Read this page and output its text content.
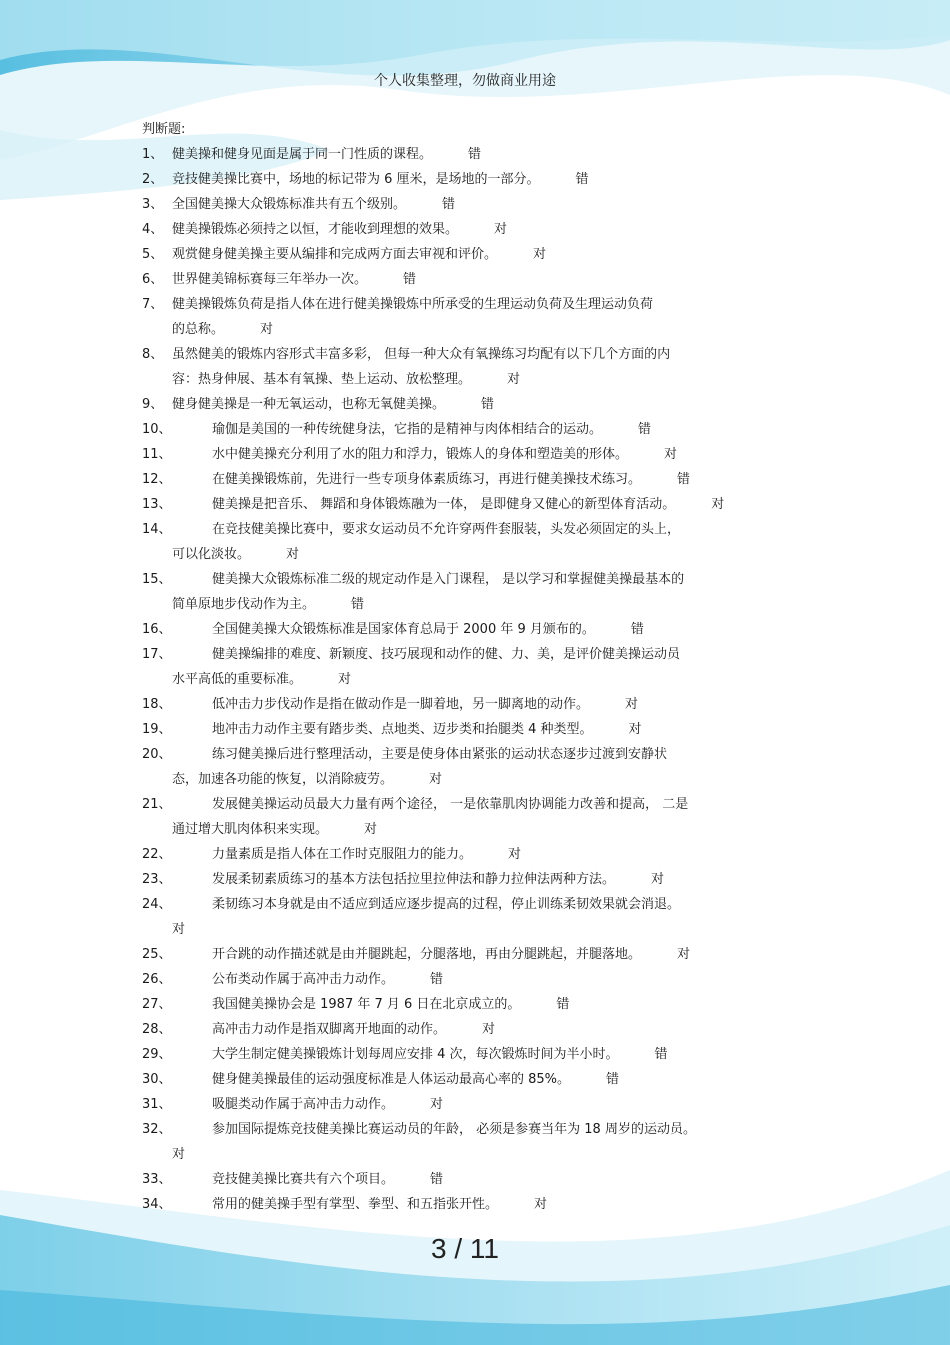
个人收集整理，勿做商业用途
判断题:
1、 健美操和健身见面是属于同一门性质的课程。	错
2、 竞技健美操比赛中，场地的标记带为 6 厘米，是场地的一部分。	错
3、 全国健美操大众锻炼标准共有五个级别。	错
4、 健美操锻炼必须持之以恒，才能收到理想的效果。	对
5、 观赏健身健美操主要从编排和完成两方面去审视和评价。	对
6、 世界健美锦标赛每三年举办一次。	错
7、 健美操锻炼负荷是指人体在进行健美操锻炼中所承受的生理运动负荷及生理运动负荷
的总称。	对
8、 虽然健美的锻炼内容形式丰富多彩， 但每一种大众有氧操练习均配有以下几个方面的内
容：热身伸展、基本有氧操、垫上运动、放松整理。	对
9、 健身健美操是一种无氧运动，也称无氧健美操。	错
10、	瑜伽是美国的一种传统健身法，它指的是精神与肉体相结合的运动。	错
11、	水中健美操充分利用了水的阻力和浮力，锻炼人的身体和塑造美的形体。	对
12、	在健美操锻炼前，先进行一些专项身体素质练习，再进行健美操技术练习。	错
13、	健美操是把音乐、 舞蹈和身体锻炼融为一体， 是即健身又健心的新型体育活动。	对
14、	在竞技健美操比赛中，要求女运动员不允许穿两件套服装，头发必须固定的头上，
可以化淡妆。	对
15、	健美操大众锻炼标准二级的规定动作是入门课程， 是以学习和掌握健美操最基本的
简单原地步伐动作为主。	错
16、	全国健美操大众锻炼标准是国家体育总局于 2000 年 9 月颁布的。	错
17、	健美操编排的难度、新颖度、技巧展现和动作的健、力、美，是评价健美操运动员
水平高低的重要标准。	对
18、	低冲击力步伐动作是指在做动作是一脚着地，另一脚离地的动作。	对
19、	地冲击力动作主要有踏步类、点地类、迈步类和抬腿类 4 种类型。	对
20、	练习健美操后进行整理活动，主要是使身体由紧张的运动状态逐步过渡到安静状
态，加速各功能的恢复，以消除疲劳。	对
21、	发展健美操运动员最大力量有两个途径， 一是依靠肌肉协调能力改善和提高， 二是
通过增大肌肉体积来实现。	对
22、	力量素质是指人体在工作时克服阻力的能力。	对
23、	发展柔韧素质练习的基本方法包括拉里拉伸法和静力拉伸法两种方法。	对
24、	柔韧练习本身就是由不适应到适应逐步提高的过程，停止训练柔韧效果就会消退。
对
25、	开合跳的动作描述就是由并腿跳起，分腿落地，再由分腿跳起，并腿落地。	对
26、	公布类动作属于高冲击力动作。	错
27、	我国健美操协会是 1987 年 7 月 6 日在北京成立的。	错
28、	高冲击力动作是指双脚离开地面的动作。	对
29、	大学生制定健美操锻炼计划每周应安排 4 次，每次锻炼时间为半小时。	错
30、	健身健美操最佳的运动强度标准是人体运动最高心率的 85%。	错
31、	吸腿类动作属于高冲击力动作。	对
32、	参加国际提炼竞技健美操比赛运动员的年龄， 必须是参赛当年为 18 周岁的运动员。
对
33、	竞技健美操比赛共有六个项目。	错
34、	常用的健美操手型有掌型、拳型、和五指张开性。	对
3 / 11
